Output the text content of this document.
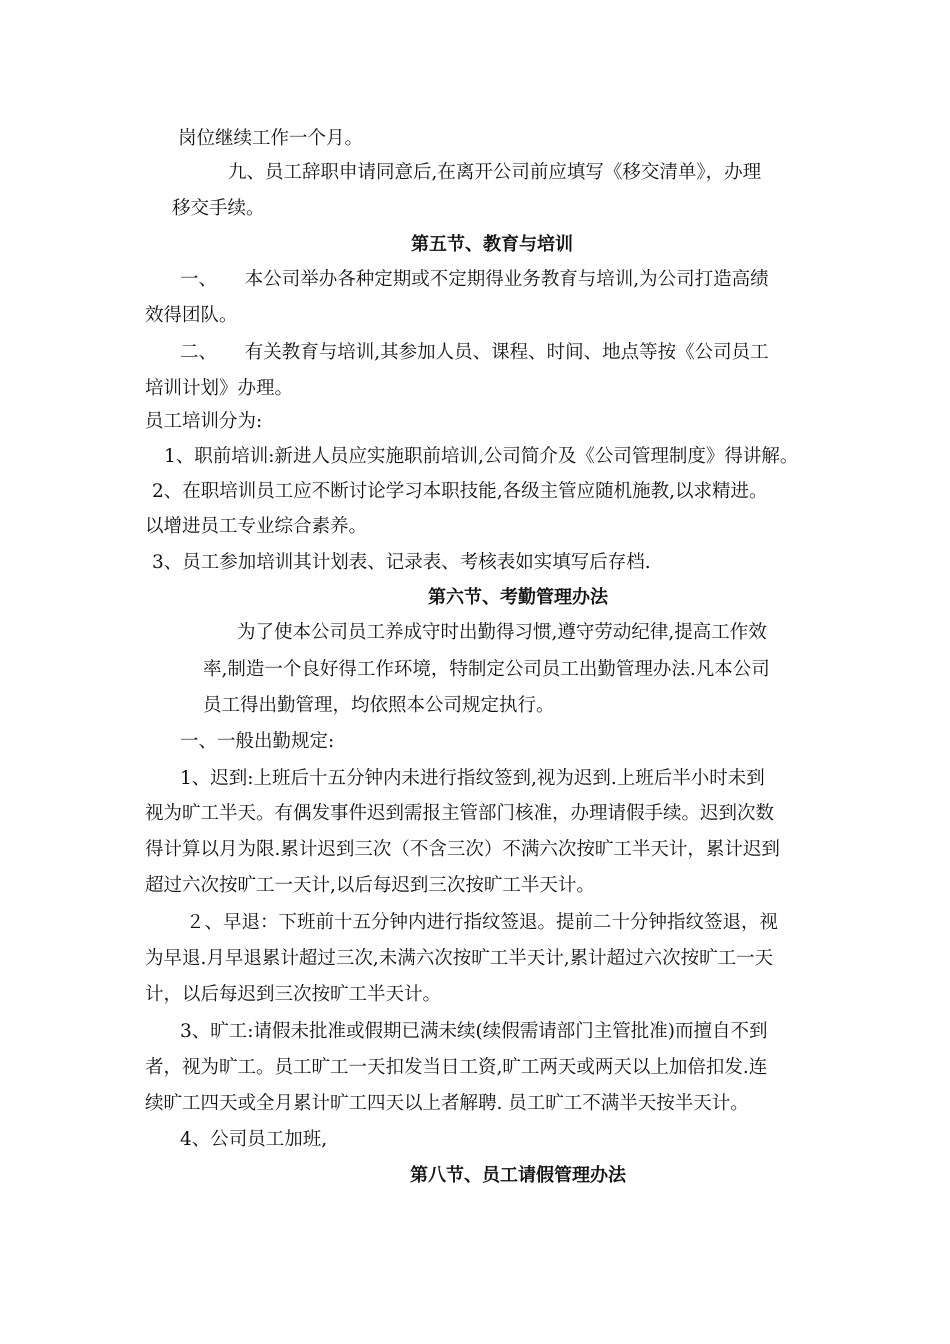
岗位继续工作一个月。
九、员工辞职申请同意后,在离开公司前应填写《移交清单》，办理
移交手续。
第五节、教育与培训
一、　　本公司举办各种定期或不定期得业务教育与培训,为公司打造高绩
效得团队。
二、　　有关教育与培训,其参加人员、课程、时间、地点等按《公司员工
培训计划》办理。
员工培训分为:
1、职前培训:新进人员应实施职前培训,公司简介及《公司管理制度》得讲解。
2、在职培训员工应不断讨论学习本职技能,各级主管应随机施教,以求精进。
以增进员工专业综合素养。
3、员工参加培训其计划表、记录表、考核表如实填写后存档.
第六节、考勤管理办法
为了使本公司员工养成守时出勤得习惯,遵守劳动纪律,提高工作效
率,制造一个良好得工作环境，特制定公司员工出勤管理办法.凡本公司
员工得出勤管理，均依照本公司规定执行。
一、一般出勤规定:
1、迟到:上班后十五分钟内未进行指纹签到,视为迟到.上班后半小时未到
视为旷工半天。有偶发事件迟到需报主管部门核准，办理请假手续。迟到次数
得计算以月为限.累计迟到三次（不含三次）不满六次按旷工半天计，累计迟到
超过六次按旷工一天计,以后每迟到三次按旷工半天计。
２、早退：下班前十五分钟内进行指纹签退。提前二十分钟指纹签退，视
为早退.月早退累计超过三次,未满六次按旷工半天计,累计超过六次按旷工一天
计，以后每迟到三次按旷工半天计。
3、旷工:请假未批准或假期已满未续(续假需请部门主管批准)而擅自不到
者，视为旷工。员工旷工一天扣发当日工资,旷工两天或两天以上加倍扣发.连
续旷工四天或全月累计旷工四天以上者解聘. 员工旷工不满半天按半天计。
4、公司员工加班,
第八节、员工请假管理办法
